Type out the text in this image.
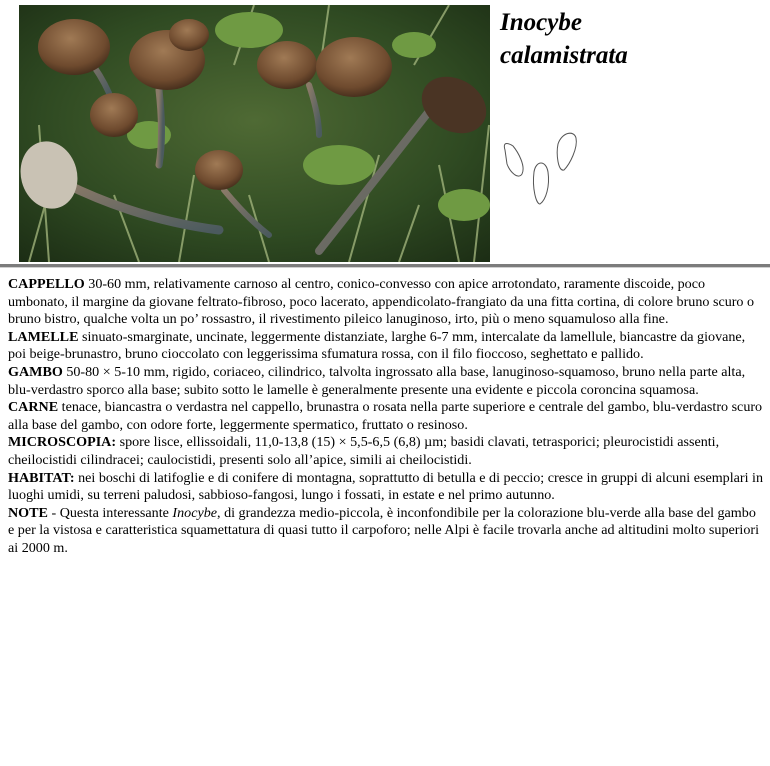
Inocybe
calamistrata

CAPPELLO 30-60 mm, relativamente carnoso al centro, conico-convesso con apice arrotondato, raramente discoide, poco umbonato, il margine da giovane feltrato-fibroso, poco lacerato, appendicolato-frangiato da una fitta cortina, di colore bruno scuro o bruno bistro, qualche volta un po’ rossastro, il rivestimento pileico lanuginoso, irto, più o meno squamuloso alla fine.

LAMELLE sinuato-smarginate, uncinate, leggermente distanziate, larghe 6-7 mm, intercalate da lamellule, biancastre da giovane, poi beige-brunastro, bruno cioccolato con leggerissima sfumatura rossa, con il filo fioccoso, seghettato e pallido.

GAMBO 50-80 × 5-10 mm, rigido, coriaceo, cilindrico, talvolta ingrossato alla base, lanuginoso-squamoso, bruno nella parte alta, blu-verdastro sporco alla base; subito sotto le lamelle è generalmente presente una evidente e piccola coroncina squamosa.

CARNE tenace, biancastra o verdastra nel cappello, brunastra o rosata nella parte superiore e centrale del gambo, blu-verdastro scuro alla base del gambo, con odore forte, leggermente spermatico, fruttato o resinoso.

MICROSCOPIA: spore lisce, ellissoidali, 11,0-13,8 (15) × 5,5-6,5 (6,8) µm; basidi clavati, tetrasporici; pleurocistidi assenti, cheilocistidi cilindracei; caulocistidi, presenti solo all’apice, simili ai cheilocistidi.

HABITAT: nei boschi di latifoglie e di conifere di montagna, soprattutto di betulla e di peccio; cresce in gruppi di alcuni esemplari in luoghi umidi, su terreni paludosi, sabbioso-fangosi, lungo i fossati, in estate e nel primo autunno.

NOTE - Questa interessante Inocybe, di grandezza medio-piccola, è inconfondibile per la colorazione blu-verde alla base del gambo e per la vistosa e caratteristica squamettatura di quasi tutto il carpoforo; nelle Alpi è facile trovarla anche ad altitudini molto superiori ai 2000 m.
